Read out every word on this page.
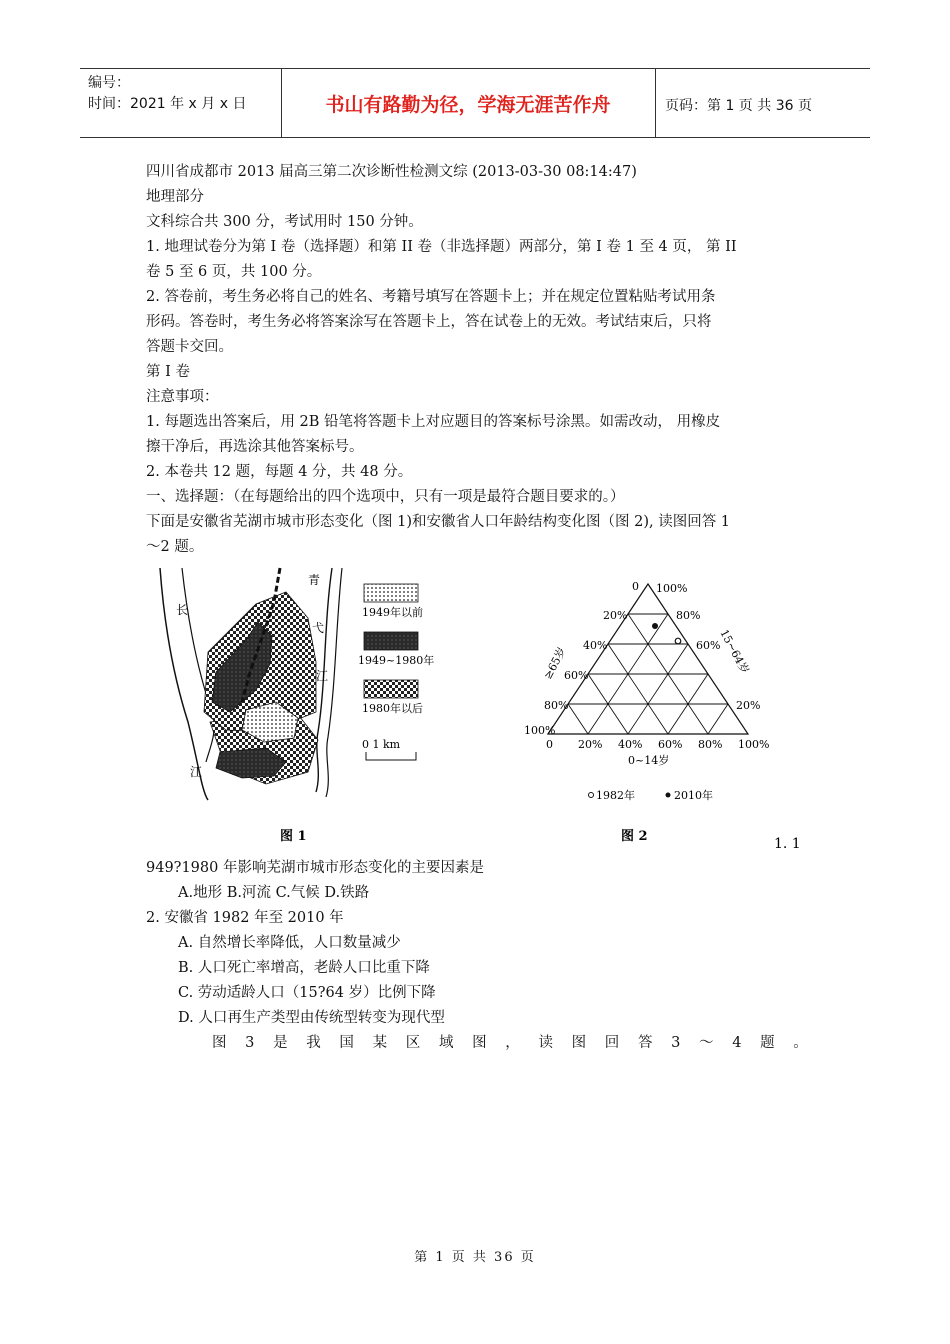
编号：
时间：2021 年 x 月 x 日	书山有路勤为径，学海无涯苦作舟	页码：第 1 页 共 36 页

四川省成都市 2013 届高三第二次诊断性检测文综 (2013-03-30 08:14:47)

地理部分

文科综合共 300 分，考试用时 150 分钟。

1. 地理试卷分为第 I 卷（选择题）和第 II 卷（非选择题）两部分，第 I 卷 1 至 4 页， 第 II

卷 5 至 6 页，共 100 分。

2. 答卷前，考生务必将自己的姓名、考籍号填写在答题卡上；并在规定位置粘贴考试用条

形码。答卷时，考生务必将答案涂写在答题卡上，答在试卷上的无效。考试结束后，只将

答题卡交回。

第 I 卷

注意事项：

1. 每题选出答案后，用 2B 铅笔将答题卡上对应题目的答案标号涂黑。如需改动， 用橡皮

擦干净后，再选涂其他答案标号。

2. 本卷共 12 题，每题 4 分，共 48 分。

一、选择题：（在每题给出的四个选项中，只有一项是最符合题目要求的。）

下面是安徽省芜湖市城市形态变化（图 1)和安徽省人口年龄结构变化图（图 2), 读图回答 1

～2 题。

长
江
青
弋
江
1949年以前
1949~1980年
1980年以后
0 1 km
图 1
0 100%
20%
40%
60%
80%
100%
80%
60%
20%
0 20% 40% 60% 80% 100%
≥65岁	15~64岁
0~14岁
1982年	2010年
图 2	1. 1

949?1980 年影响芜湖市城市形态变化的主要因素是

A.地形 B.河流 C.气候 D.铁路

2. 安徽省 1982 年至 2010 年

A. 自然增长率降低，人口数量减少

B. 人口死亡率增高，老龄人口比重下降

C. 劳动适龄人口（15?64 岁）比例下降

D. 人口再生产类型由传统型转变为现代型

图 3 是 我 国 某 区 域 图 ， 读 图 回 答 3 ～ 4 题 。
第 1 页 共 36 页
